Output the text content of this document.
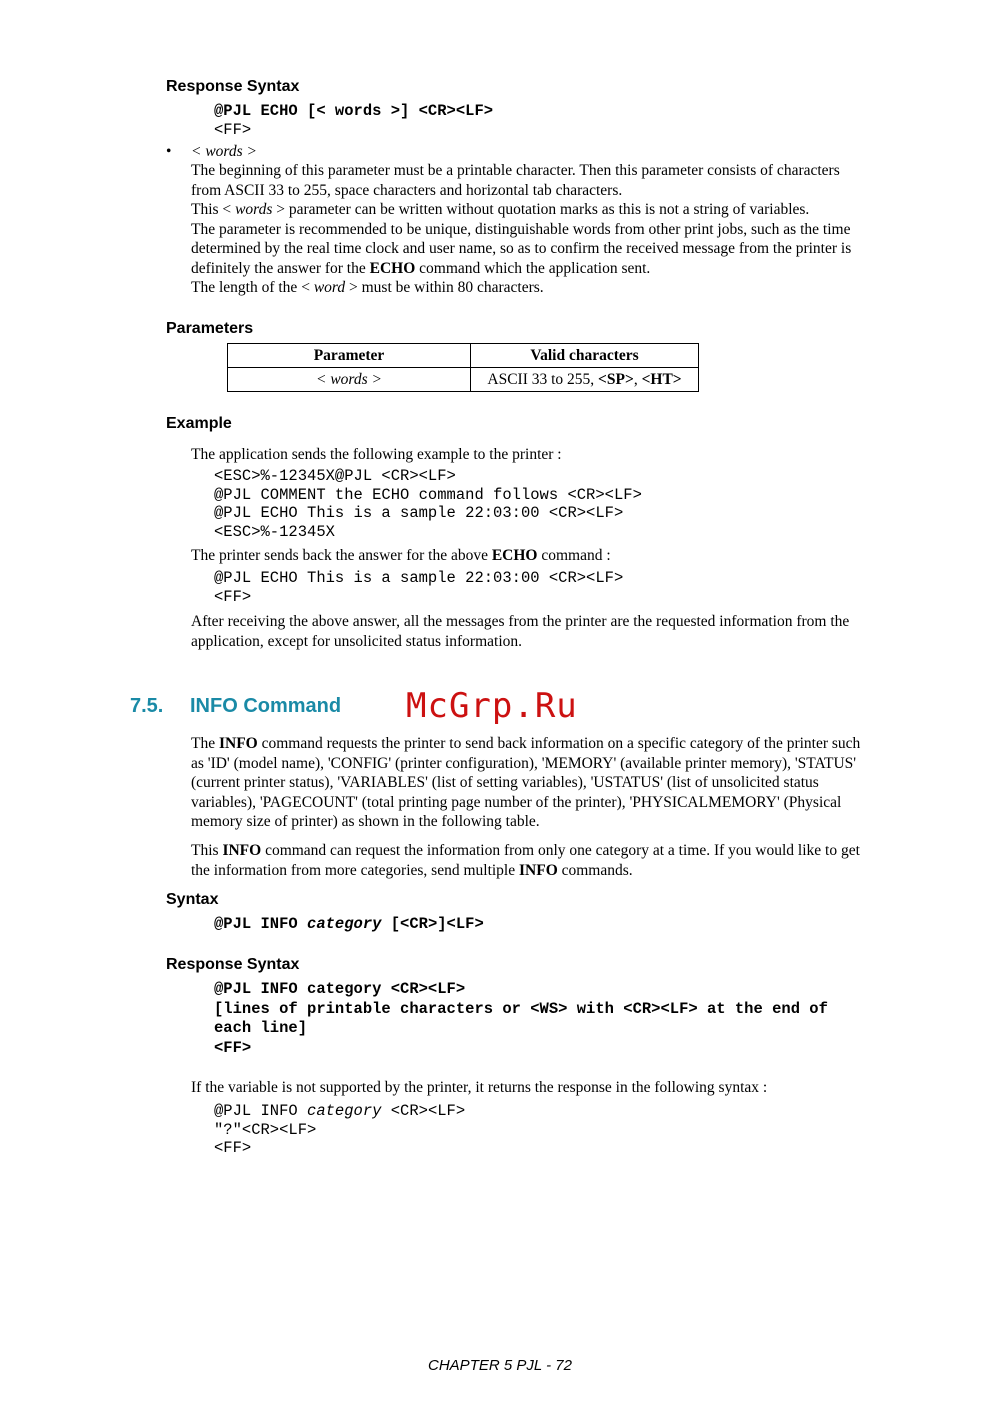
Response Syntax
@PJL ECHO [< words >] <CR><LF>
<FF>
• < words >
The beginning of this parameter must be a printable character. Then this parameter consists of characters
from ASCII 33 to 255, space characters and horizontal tab characters.
This < words > parameter can be written without quotation marks as this is not a string of variables.
The parameter is recommended to be unique, distinguishable words from other print jobs, such as the time
determined by the real time clock and user name, so as to confirm the received message from the printer is
definitely the answer for the ECHO command which the application sent.
The length of the < word > must be within 80 characters.
Parameters
Parameter	Valid characters
< words >	ASCII 33 to 255, <SP>, <HT>
Example
The application sends the following example to the printer :
<ESC>%-12345X@PJL <CR><LF>
@PJL COMMENT the ECHO command follows <CR><LF>
@PJL ECHO This is a sample 22:03:00 <CR><LF>
<ESC>%-12345X
The printer sends back the answer for the above ECHO command :
@PJL ECHO This is a sample 22:03:00 <CR><LF>
<FF>
After receiving the above answer, all the messages from the printer are the requested information from the
application, except for unsolicited status information.
7.5. INFO Command McGrp.Ru
The INFO command requests the printer to send back information on a specific category of the printer such
as 'ID' (model name), 'CONFIG' (printer configuration), 'MEMORY' (available printer memory), 'STATUS'
(current printer status), 'VARIABLES' (list of setting variables), 'USTATUS' (list of unsolicited status
variables), 'PAGECOUNT' (total printing page number of the printer), 'PHYSICALMEMORY' (Physical
memory size of printer) as shown in the following table.
This INFO command can request the information from only one category at a time. If you would like to get
the information from more categories, send multiple INFO commands.
Syntax
@PJL INFO category [<CR>]<LF>
Response Syntax
@PJL INFO category <CR><LF>
[lines of printable characters or <WS> with <CR><LF> at the end of
each line]
<FF>
If the variable is not supported by the printer, it returns the response in the following syntax :
@PJL INFO category <CR><LF>
"?"<CR><LF>
<FF>
CHAPTER 5 PJL - 72
